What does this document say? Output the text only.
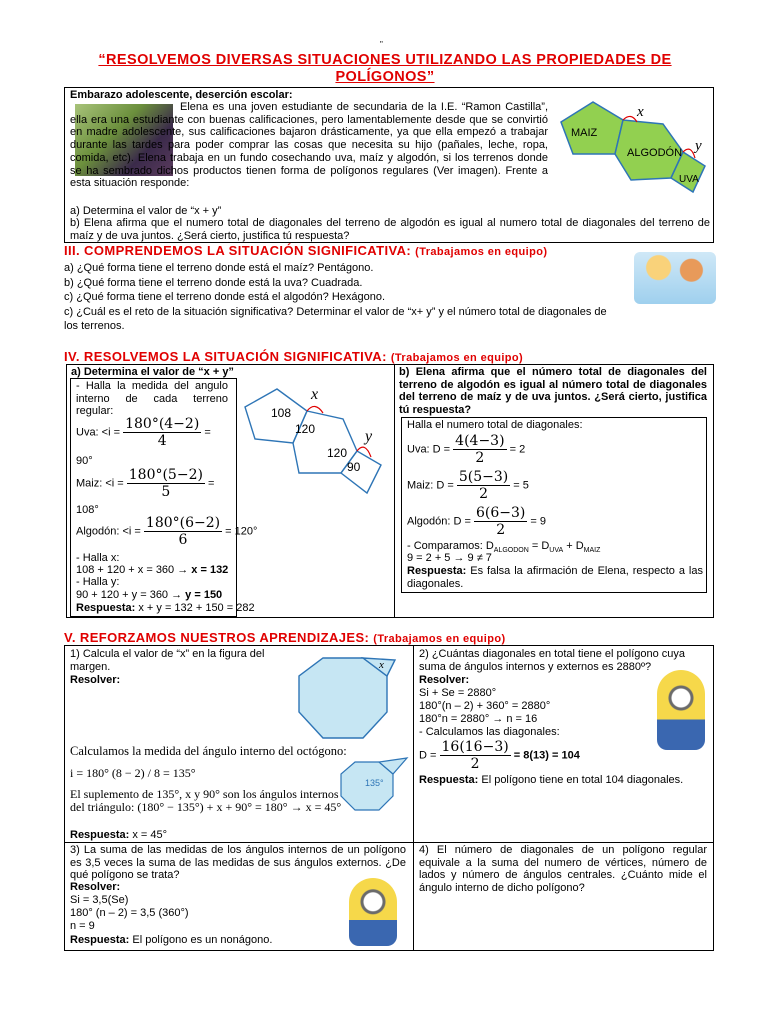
"
“RESOLVEMOS DIVERSAS SITUACIONES UTILIZANDO LAS PROPIEDADES DE POLÍGONOS”
Embarazo adolescente, deserción escolar:
Elena es una joven estudiante de secundaria de la I.E. “Ramon Castilla”, ella era una estudiante con buenas calificaciones, pero lamentablemente desde que se convirtió en madre adolescente, sus calificaciones bajaron drásticamente, ya que ella empezó a trabajar durante las tardes para poder comprar las cosas que necesita su hijo (pañales, leche, ropa, comida, etc). Elena trabaja en un fundo cosechando uva, maíz y algodón, si los terrenos donde se ha sembrado dichos productos tienen forma de polígonos regulares (Ver imagen). Frente a esta situación responde:
a) Determina el valor de “x + y”
b) Elena afirma que el numero total de diagonales del terreno de algodón es igual al numero total de diagonales del terreno de maíz y de uva juntos. ¿Será cierto, justifica tú respuesta?
MAIZ
ALGODÓN
UVA
x
y
III. COMPRENDEMOS LA SITUACIÓN SIGNIFICATIVA: (Trabajamos en equipo)
a) ¿Qué forma tiene el terreno donde está el maíz? Pentágono.
b) ¿Qué forma tiene el terreno donde está la uva? Cuadrada.
c) ¿Qué forma tiene el terreno donde está el algodón? Hexágono.
c) ¿Cuál es el reto de la situación significativa? Determinar el valor de “x+ y” y el número total de diagonales de los terrenos.
IV. RESOLVEMOS LA SITUACIÓN SIGNIFICATIVA: (Trabajamos en equipo)
a) Determina el valor de “x + y”
- Halla la medida del angulo interno de cada terreno regular:
Uva: $<i = \frac{180^\circ(4-2)}{4}$ =
90°
Maiz: $<i = \frac{180^\circ(5-2)}{5}$ =
108°
Algodón: $<i = \frac{180^\circ(6-2)}{6} = 120^\circ$
- Halla x:
108 + 120 + x = 360 → x = 132
- Halla y:
90 + 120 + y = 360 → y = 150
Respuesta: x + y = 132 + 150 = 282
108
120
120
90
x
y
b) Elena afirma que el número total de diagonales del terreno de algodón es igual al número total de diagonales del terreno de maíz y de uva juntos. ¿Será cierto, justifica tú respuesta?
Halla el numero total de diagonales:
Uva: $D = \frac{4(4-3)}{2} = 2$
Maiz: $D = \frac{5(5-3)}{2} = 5$
Algodón: $D = \frac{6(6-3)}{2} = 9$
- Comparamos: $D_{ALGODON} = D_{UVA} + D_{MAIZ}$
9 = 2 + 5 → 9 ≠ 7
Respuesta: Es falsa la afirmación de Elena, respecto a las diagonales.
V. REFORZAMOS NUESTROS APRENDIZAJES: (Trabajamos en equipo)
1) Calcula el valor de “x” en la figura del margen.
Resolver:
x
Calculamos la medida del ángulo interno del octógono:
i = 180° (8 − 2) / 8 = 135°
El suplemento de 135°, x y 90° son los ángulos internos del triángulo: (180° − 135°) + x + 90° = 180° → x = 45°
135°
Respuesta: x = 45°
2) ¿Cuántas diagonales en total tiene el polígono cuya suma de ángulos internos y externos es 2880º?
Resolver:
Si + Se = 2880°
180°(n – 2) + 360° = 2880°
180°n = 2880° → n = 16
- Calculamos las diagonales:
$D = \frac{16(16-3)}{2} = 8(13) = 104$
Respuesta: El polígono tiene en total 104 diagonales.
3) La suma de las medidas de los ángulos internos de un polígono es 3,5 veces la suma de las medidas de sus ángulos externos. ¿De qué polígono se trata?
Resolver:
Si = 3,5(Se)
180° (n – 2) = 3,5 (360°)
n = 9
Respuesta: El polígono es un nonágono.
4) El número de diagonales de un polígono regular equivale a la suma del numero de vértices, número de lados y número de ángulos centrales. ¿Cuánto mide el ángulo interno de dicho polígono?
